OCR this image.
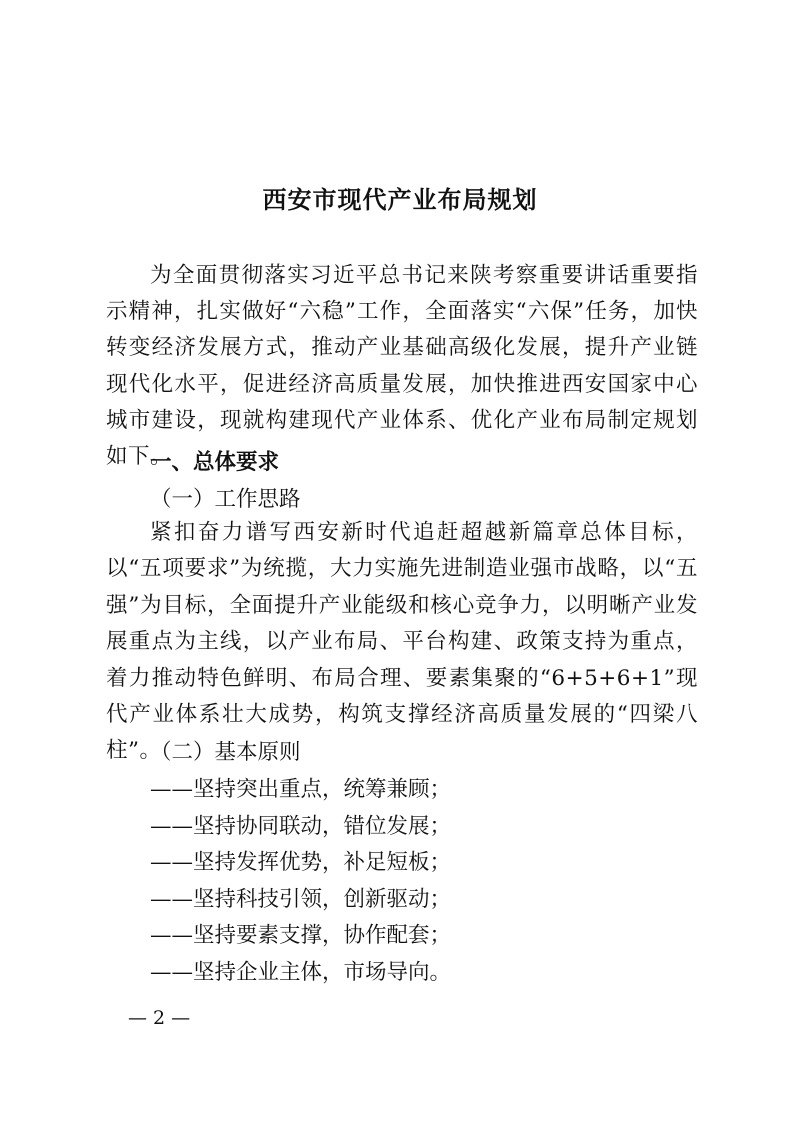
西安市现代产业布局规划

为全面贯彻落实习近平总书记来陕考察重要讲话重要指示精神，扎实做好“六稳”工作，全面落实“六保”任务，加快转变经济发展方式，推动产业基础高级化发展，提升产业链现代化水平，促进经济高质量发展，加快推进西安国家中心城市建设，现就构建现代产业体系、优化产业布局制定规划如下。

一、总体要求

（一）工作思路

紧扣奋力谱写西安新时代追赶超越新篇章总体目标，以“五项要求”为统揽，大力实施先进制造业强市战略，以“五强”为目标，全面提升产业能级和核心竞争力，以明晰产业发展重点为主线，以产业布局、平台构建、政策支持为重点，着力推动特色鲜明、布局合理、要素集聚的“6+5+6+1”现代产业体系壮大成势，构筑支撑经济高质量发展的“四梁八柱”。

（二）基本原则

——坚持突出重点，统筹兼顾；
——坚持协同联动，错位发展；
——坚持发挥优势，补足短板；
——坚持科技引领，创新驱动；
——坚持要素支撑，协作配套；
——坚持企业主体，市场导向。

— 2 —
